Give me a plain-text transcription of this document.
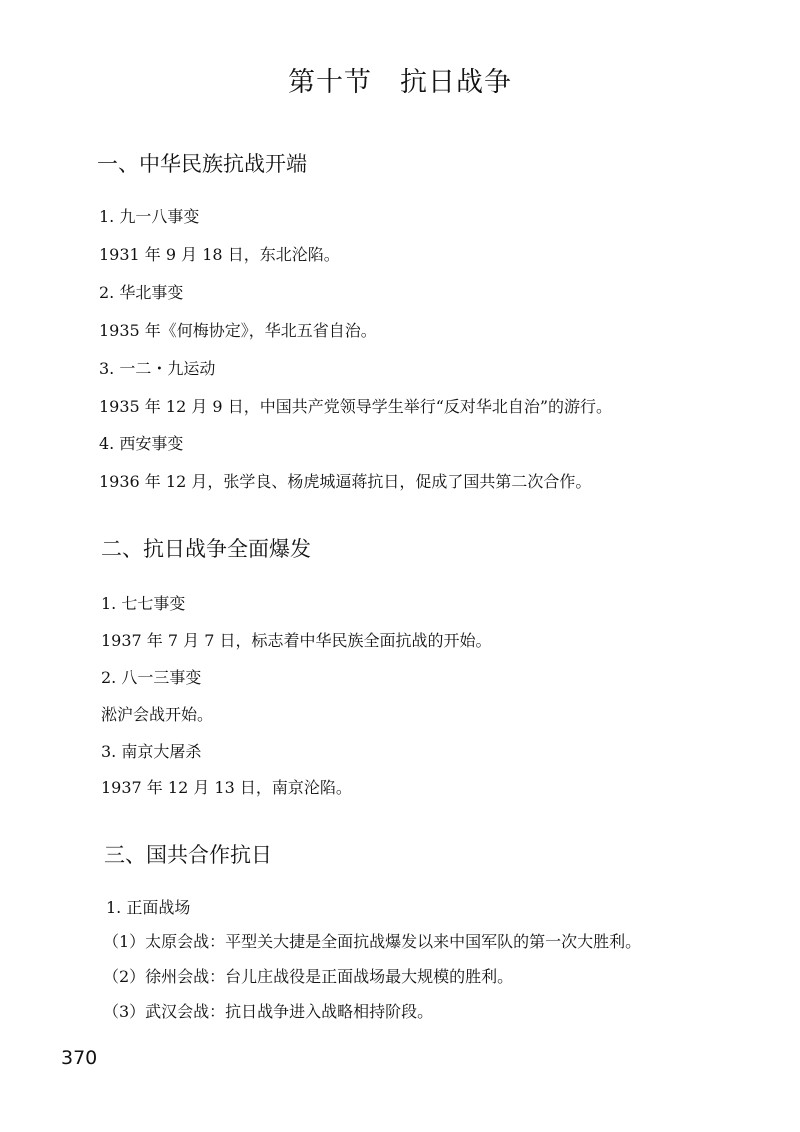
第十节　抗日战争
一、中华民族抗战开端

1. 九一八事变

1931 年 9 月 18 日，东北沦陷。

2. 华北事变

1935 年《何梅协定》，华北五省自治。

3. 一二・九运动

1935 年 12 月 9 日，中国共产党领导学生举行“反对华北自治”的游行。

4. 西安事变

1936 年 12 月，张学良、杨虎城逼蒋抗日，促成了国共第二次合作。

二、抗日战争全面爆发

1. 七七事变

1937 年 7 月 7 日，标志着中华民族全面抗战的开始。

2. 八一三事变

淞沪会战开始。

3. 南京大屠杀

1937 年 12 月 13 日，南京沦陷。

三、国共合作抗日

1. 正面战场

（1）太原会战：平型关大捷是全面抗战爆发以来中国军队的第一次大胜利。

（2）徐州会战：台儿庄战役是正面战场最大规模的胜利。

（3）武汉会战：抗日战争进入战略相持阶段。

370
